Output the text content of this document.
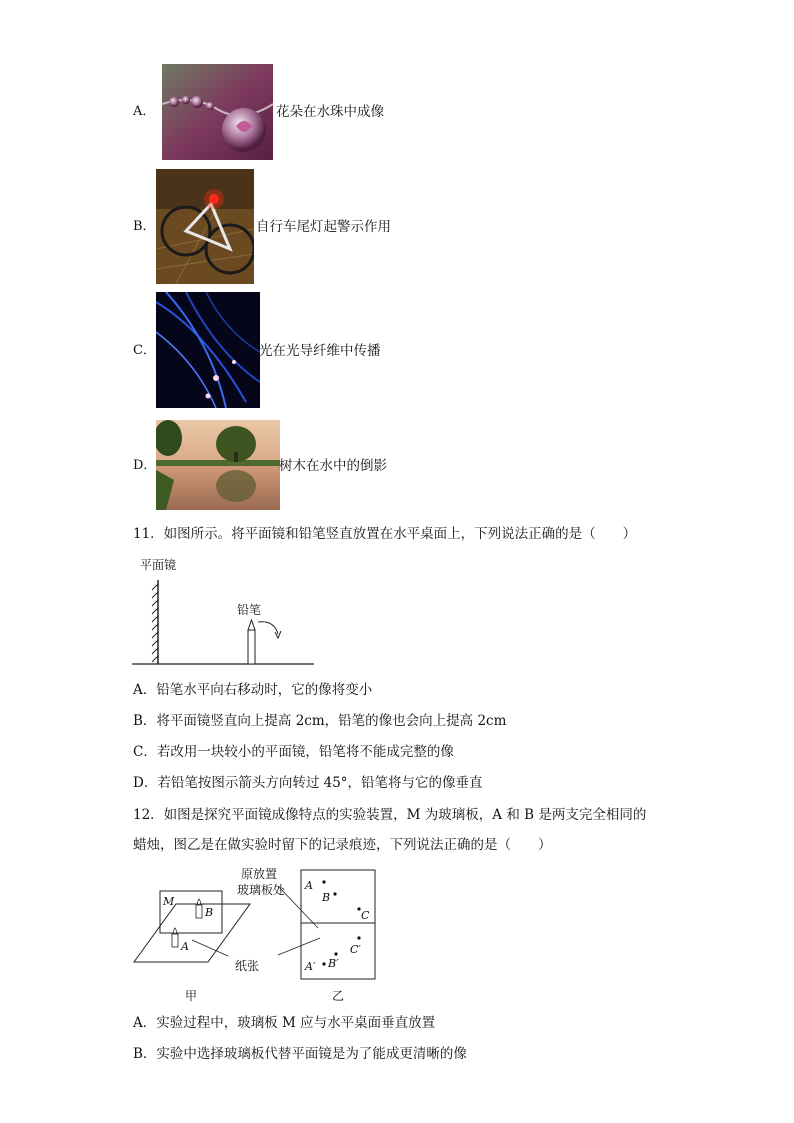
A．	花朵在水珠中成像
B．	自行车尾灯起警示作用
C．	光在光导纤维中传播
D．	树木在水中的倒影
11．如图所示。将平面镜和铅笔竖直放置在水平桌面上，下列说法正确的是（　　）
平面镜
铅笔
A．铅笔水平向右移动时，它的像将变小
B．将平面镜竖直向上提高 2cm，铅笔的像也会向上提高 2cm
C．若改用一块较小的平面镜，铅笔将不能成完整的像
D．若铅笔按图示箭头方向转过 45°，铅笔将与它的像垂直
12．如图是探究平面镜成像特点的实验装置，M 为玻璃板，A 和 B 是两支完全相同的
蜡烛，图乙是在做实验时留下的记录痕迹，下列说法正确的是（　　）
M
B
A
纸张
甲
原放置
玻璃板处 A
B
C
A′ B′
C′
乙
A．实验过程中，玻璃板 M 应与水平桌面垂直放置
B．实验中选择玻璃板代替平面镜是为了能成更清晰的像
